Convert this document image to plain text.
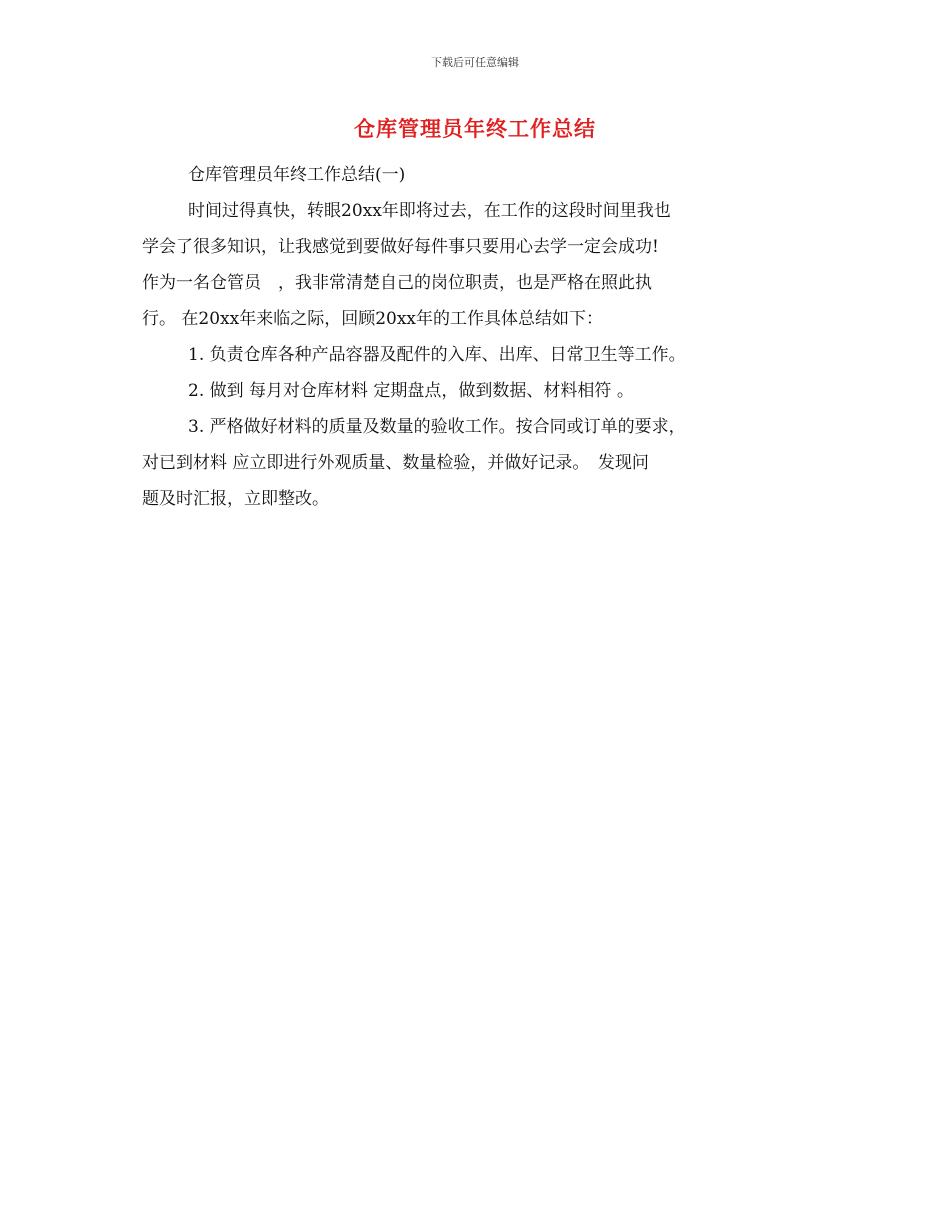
下载后可任意编辑
仓库管理员年终工作总结
仓库管理员年终工作总结(一)
时间过得真快，转眼20xx年即将过去，在工作的这段时间里我也
学会了很多知识，让我感觉到要做好每件事只要用心去学一定会成功!
作为一名仓管员　，我非常清楚自己的岗位职责，也是严格在照此执
行。 在20xx年来临之际，回顾20xx年的工作具体总结如下：
1. 负责仓库各种产品容器及配件的入库、出库、日常卫生等工作。
2. 做到 每月对仓库材料 定期盘点，做到数据、材料相符 。
3. 严格做好材料的质量及数量的验收工作。按合同或订单的要求，
对已到材料 应立即进行外观质量、数量检验，并做好记录。　发现问
题及时汇报，立即整改。
